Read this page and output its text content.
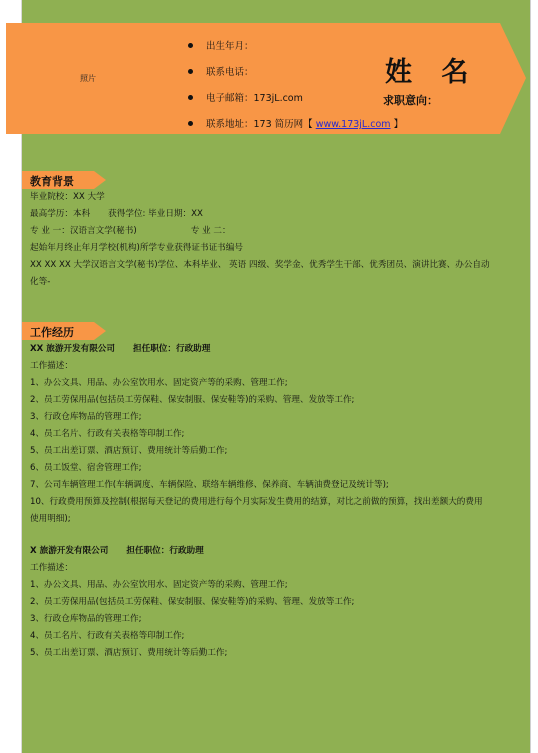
照片
出生年月：
联系电话：
电子邮箱：173jL.com
联系地址：173 简历网【 www.173jL.com 】
姓 名
求职意向：
教育背景
毕业院校：XX 大学
最高学历：本科 获得学位: 毕业日期：XX
专 业 一：汉语言文学(秘书)	专 业 二：
起始年月终止年月学校(机构)所学专业获得证书证书编号
XX XX XX 大学汉语言文学(秘书)学位、本科毕业、 英语 四级、奖学金、优秀学生干部、优秀团员、演讲比赛、办公自动化等-
工作经历
XX 旅游开发有限公司 担任职位：行政助理
工作描述：
1、办公文具、用品、办公室饮用水、固定资产等的采购、管理工作;
2、员工劳保用品(包括员工劳保鞋、保安制服、保安鞋等)的采购、管理、发放等工作;
3、行政仓库物品的管理工作;
4、员工名片、行政有关表格等印制工作;
5、员工出差订票、酒店预订、费用统计等后勤工作;
6、员工饭堂、宿舍管理工作;
7、公司车辆管理工作(车辆调度、车辆保险、联络车辆维修、保养商、车辆油费登记及统计等);
10、行政费用预算及控制(根据每天登记的费用进行每个月实际发生费用的结算，对比之前做的预算，找出差额大的费用使用明细);
X 旅游开发有限公司 担任职位：行政助理
工作描述：
1、办公文具、用品、办公室饮用水、固定资产等的采购、管理工作;
2、员工劳保用品(包括员工劳保鞋、保安制服、保安鞋等)的采购、管理、发放等工作;
3、行政仓库物品的管理工作;
4、员工名片、行政有关表格等印制工作;
5、员工出差订票、酒店预订、费用统计等后勤工作;
